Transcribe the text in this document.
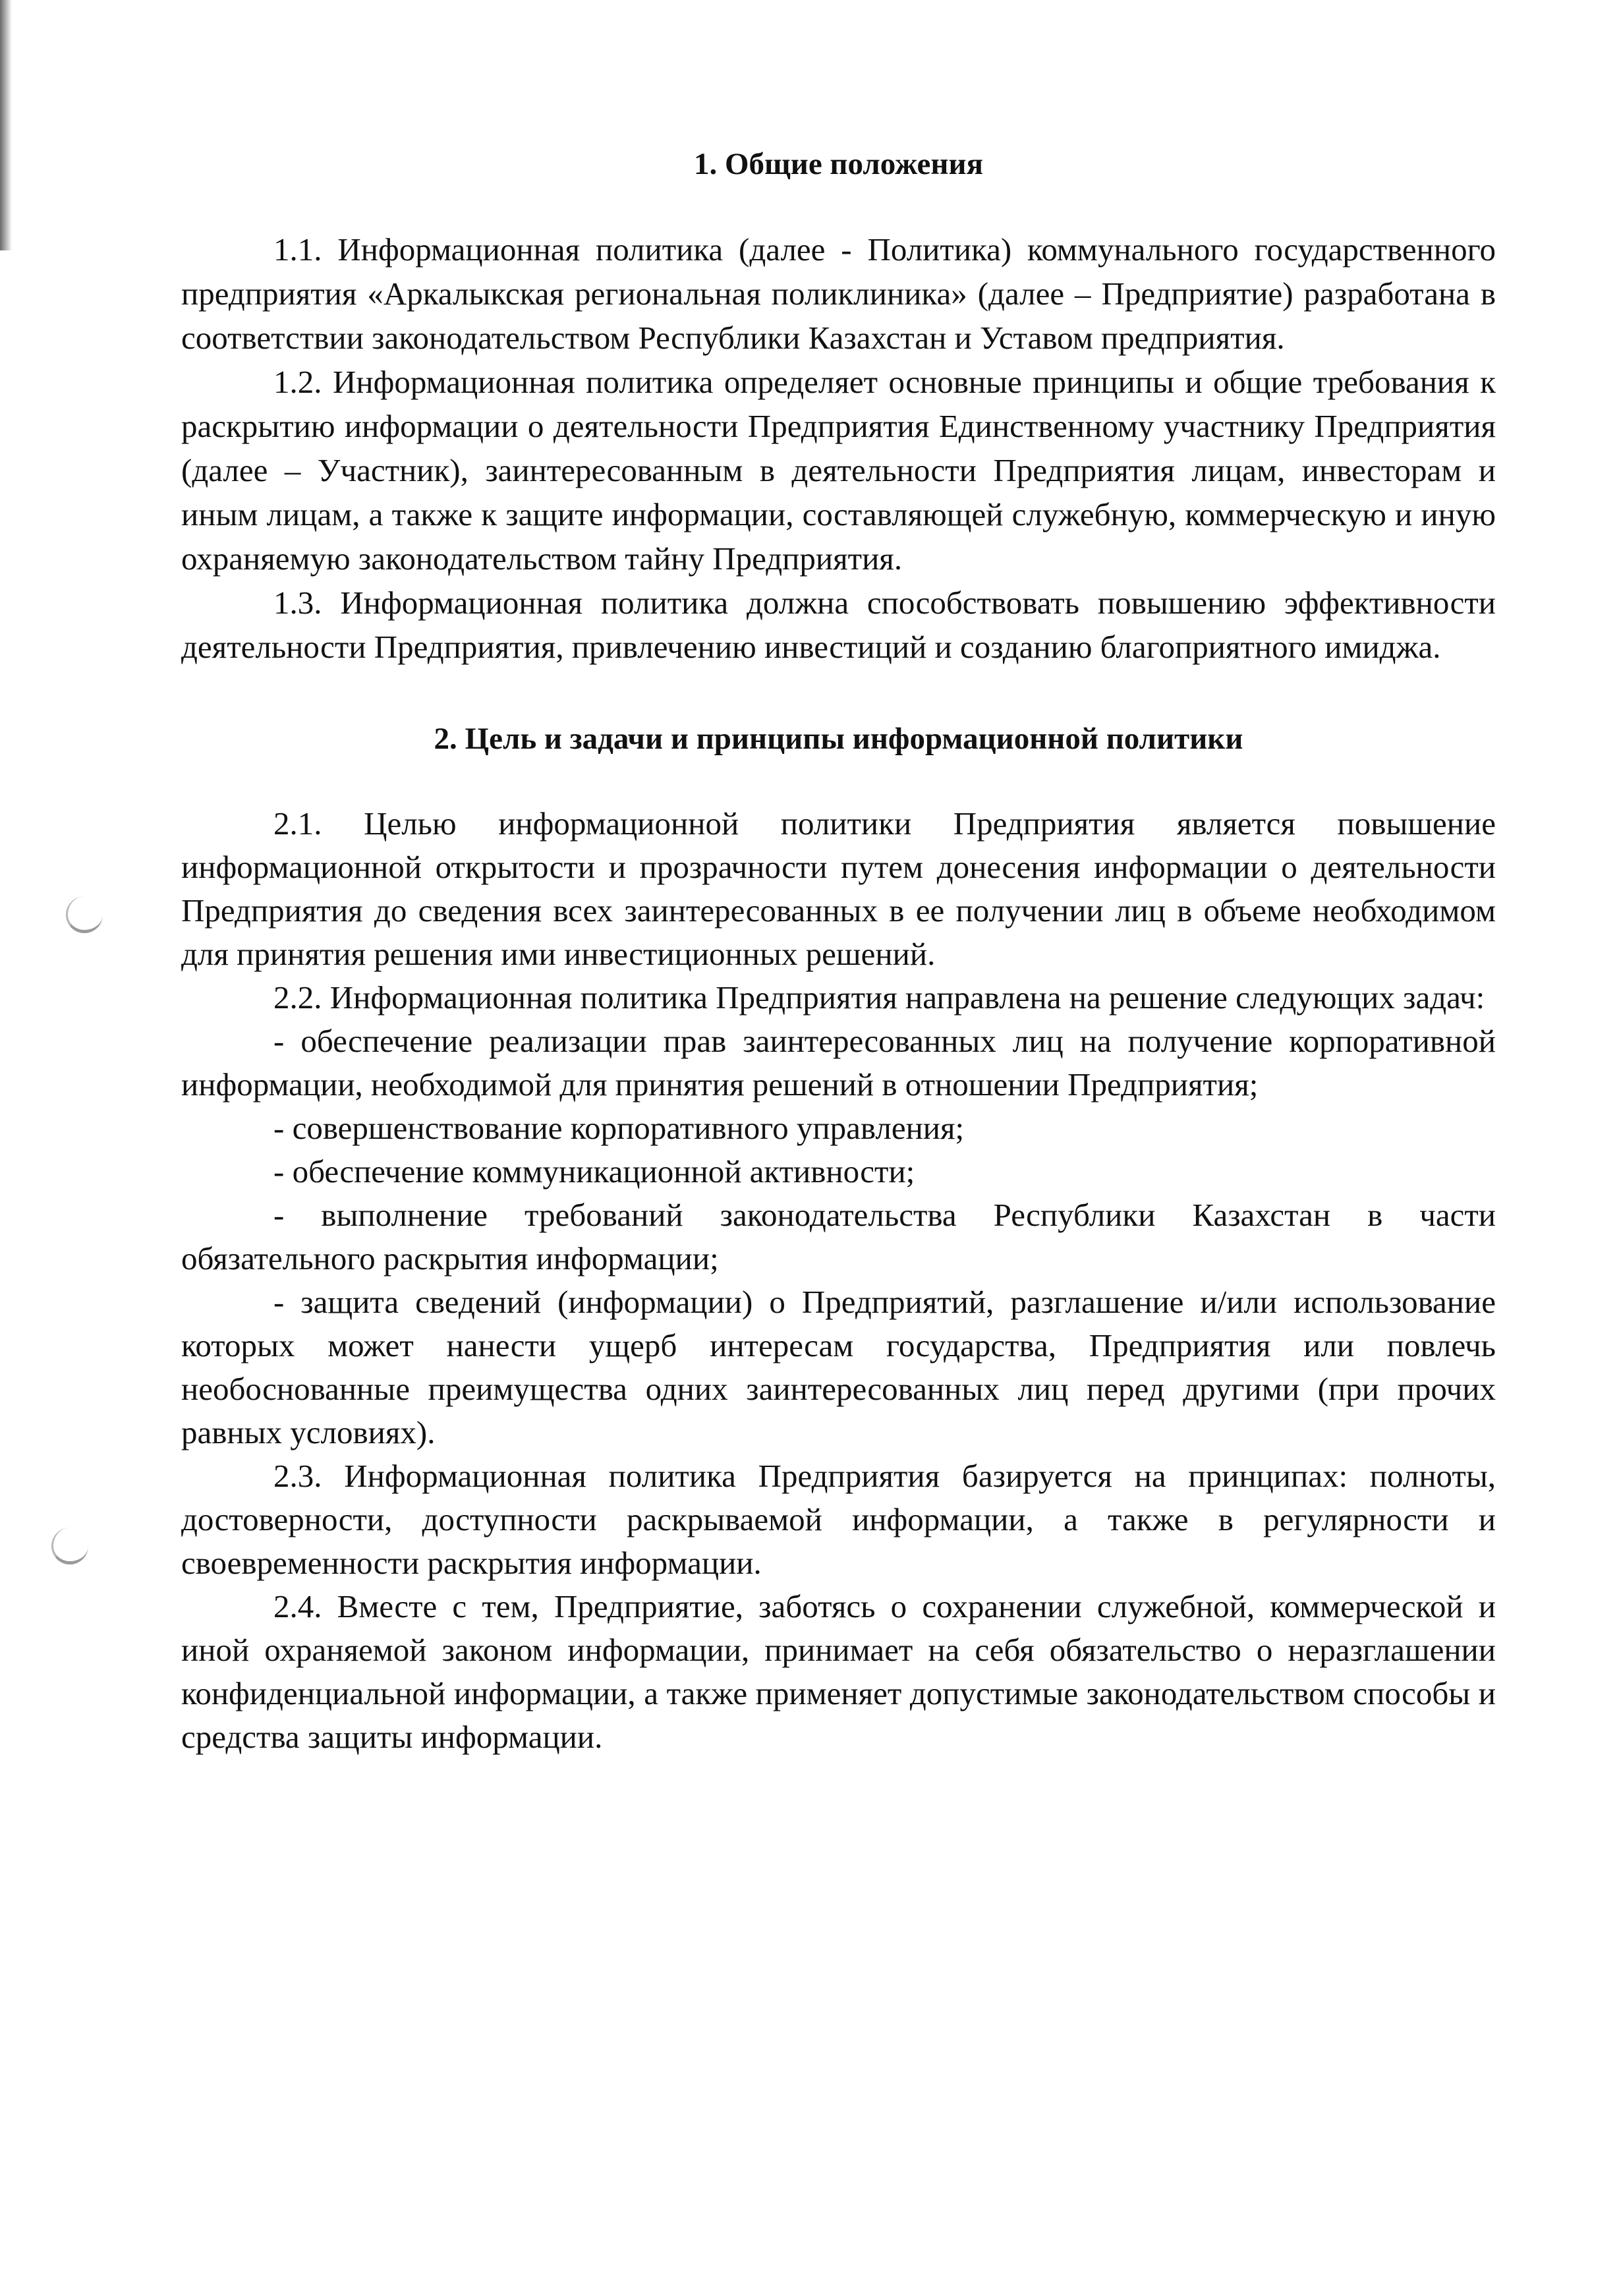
1. Общие положения

1.1. Информационная политика (далее - Политика) коммунального государственного предприятия «Аркалыкская региональная поликлиника» (далее – Предприятие) разработана в соответствии законодательством Республики Казахстан и Уставом предприятия.

1.2. Информационная политика определяет основные принципы и общие требования к раскрытию информации о деятельности Предприятия Единственному участнику Предприятия (далее – Участник), заинтересованным в деятельности Предприятия лицам, инвесторам и иным лицам, а также к защите информации, составляющей служебную, коммерческую и иную охраняемую законодательством тайну Предприятия.

1.3. Информационная политика должна способствовать повышению эффективности деятельности Предприятия, привлечению инвестиций и созданию благоприятного имиджа.

2. Цель и задачи и принципы информационной политики

2.1. Целью информационной политики Предприятия является повышение информационной открытости и прозрачности путем донесения информации о деятельности Предприятия до сведения всех заинтересованных в ее получении лиц в объеме необходимом для принятия решения ими инвестиционных решений.

2.2. Информационная политика Предприятия направлена на решение следующих задач:

- обеспечение реализации прав заинтересованных лиц на получение корпоративной информации, необходимой для принятия решений в отношении Предприятия;

- совершенствование корпоративного управления;

- обеспечение коммуникационной активности;

- выполнение требований законодательства Республики Казахстан в части обязательного раскрытия информации;

- защита сведений (информации) о Предприятий, разглашение и/или использование которых может нанести ущерб интересам государства, Предприятия или повлечь необоснованные преимущества одних заинтересованных лиц перед другими (при прочих равных условиях).

2.3. Информационная политика Предприятия базируется на принципах: полноты, достоверности, доступности раскрываемой информации, а также в регулярности и своевременности раскрытия информации.

2.4. Вместе с тем, Предприятие, заботясь о сохранении служебной, коммерческой и иной охраняемой законом информации, принимает на себя обязательство о неразглашении конфиденциальной информации, а также применяет допустимые законодательством способы и средства защиты информации.
